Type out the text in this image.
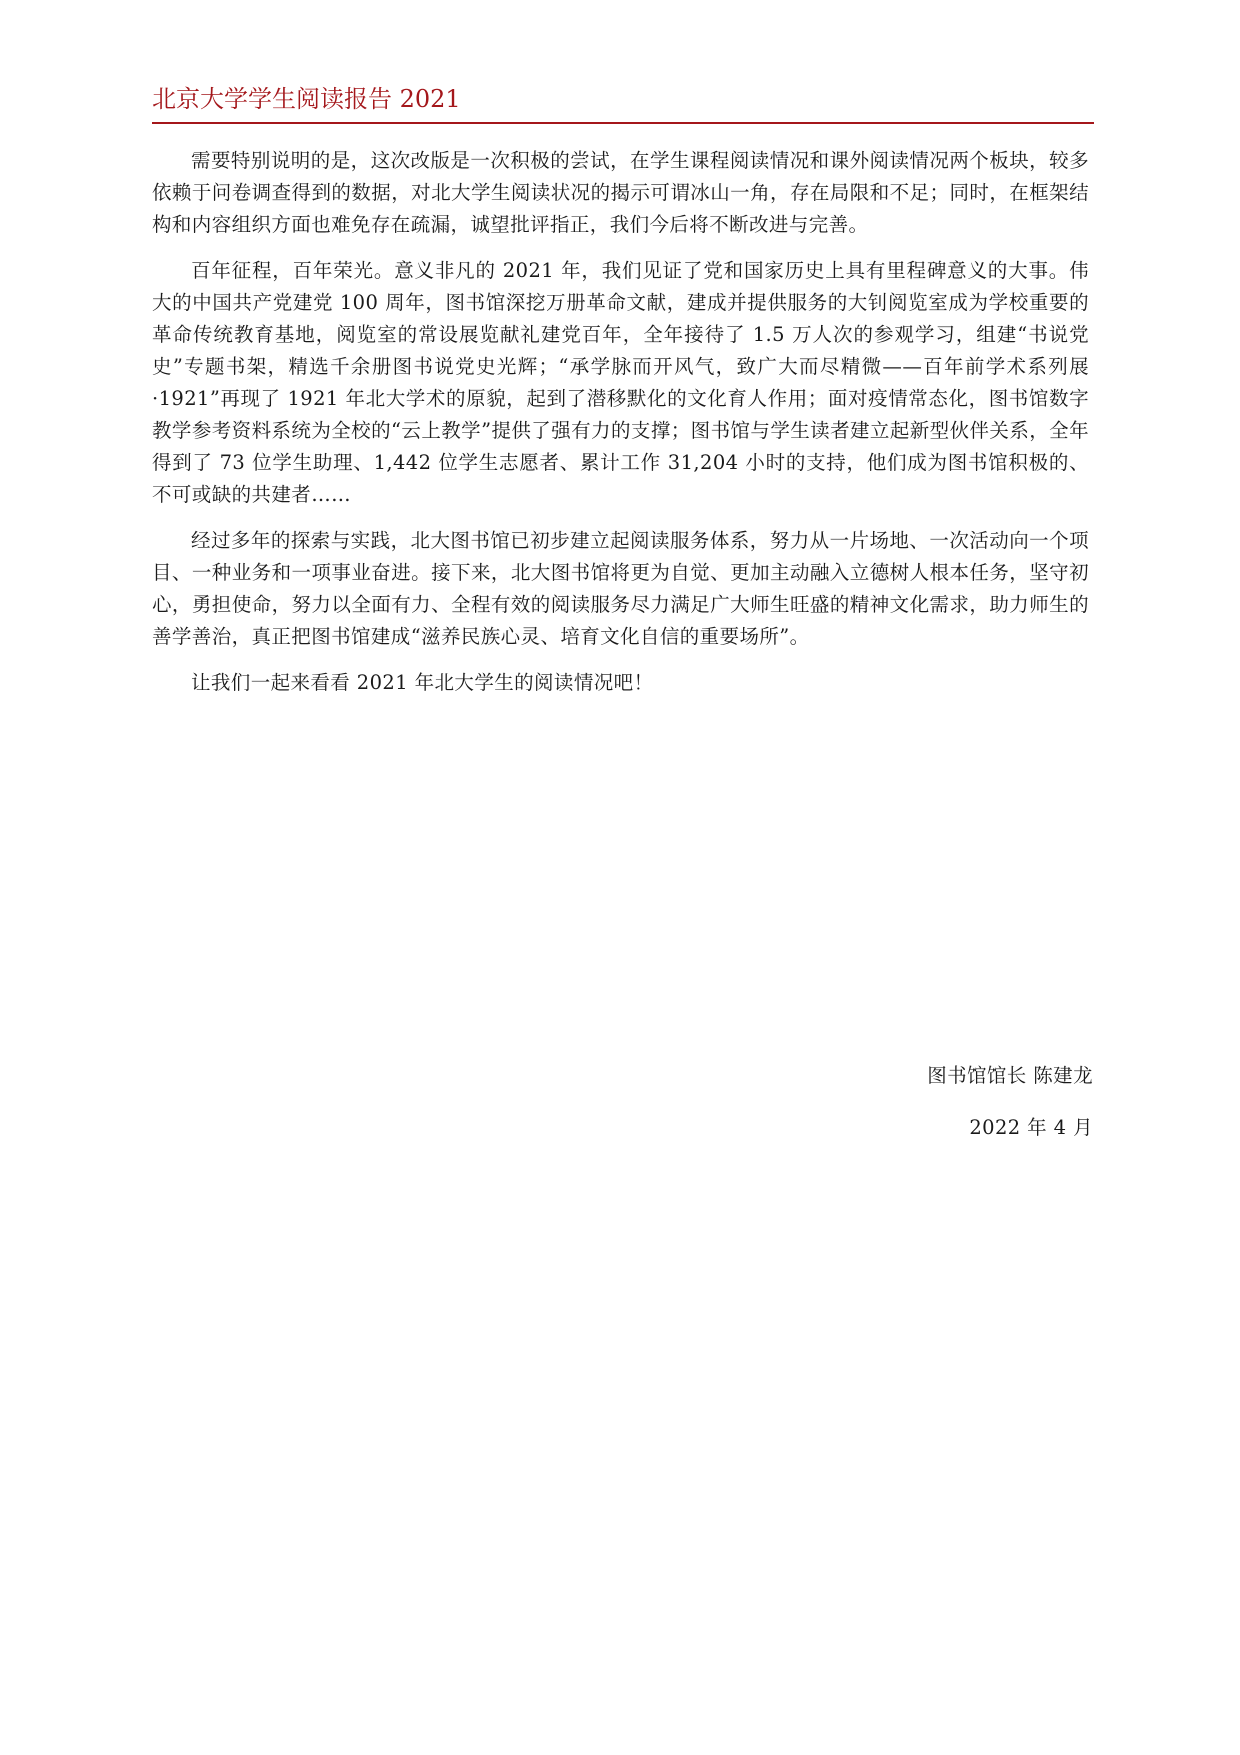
北京大学学生阅读报告 2021

需要特别说明的是，这次改版是一次积极的尝试，在学生课程阅读情况和课外阅读情况两个板块，较多依赖于问卷调查得到的数据，对北大学生阅读状况的揭示可谓冰山一角，存在局限和不足；同时，在框架结构和内容组织方面也难免存在疏漏，诚望批评指正，我们今后将不断改进与完善。

百年征程，百年荣光。意义非凡的 2021 年，我们见证了党和国家历史上具有里程碑意义的大事。伟大的中国共产党建党 100 周年，图书馆深挖万册革命文献，建成并提供服务的大钊阅览室成为学校重要的革命传统教育基地，阅览室的常设展览献礼建党百年，全年接待了 1.5 万人次的参观学习，组建“书说党史”专题书架，精选千余册图书说党史光辉；“承学脉而开风气，致广大而尽精微——百年前学术系列展·1921”再现了 1921 年北大学术的原貌，起到了潜移默化的文化育人作用；面对疫情常态化，图书馆数字教学参考资料系统为全校的“云上教学”提供了强有力的支撑；图书馆与学生读者建立起新型伙伴关系，全年得到了 73 位学生助理、1,442 位学生志愿者、累计工作 31,204 小时的支持，他们成为图书馆积极的、不可或缺的共建者……

经过多年的探索与实践，北大图书馆已初步建立起阅读服务体系，努力从一片场地、一次活动向一个项目、一种业务和一项事业奋进。接下来，北大图书馆将更为自觉、更加主动融入立德树人根本任务，坚守初心，勇担使命，努力以全面有力、全程有效的阅读服务尽力满足广大师生旺盛的精神文化需求，助力师生的善学善治，真正把图书馆建成“滋养民族心灵、培育文化自信的重要场所”。

让我们一起来看看 2021 年北大学生的阅读情况吧！

图书馆馆长 陈建龙
2022 年 4 月
